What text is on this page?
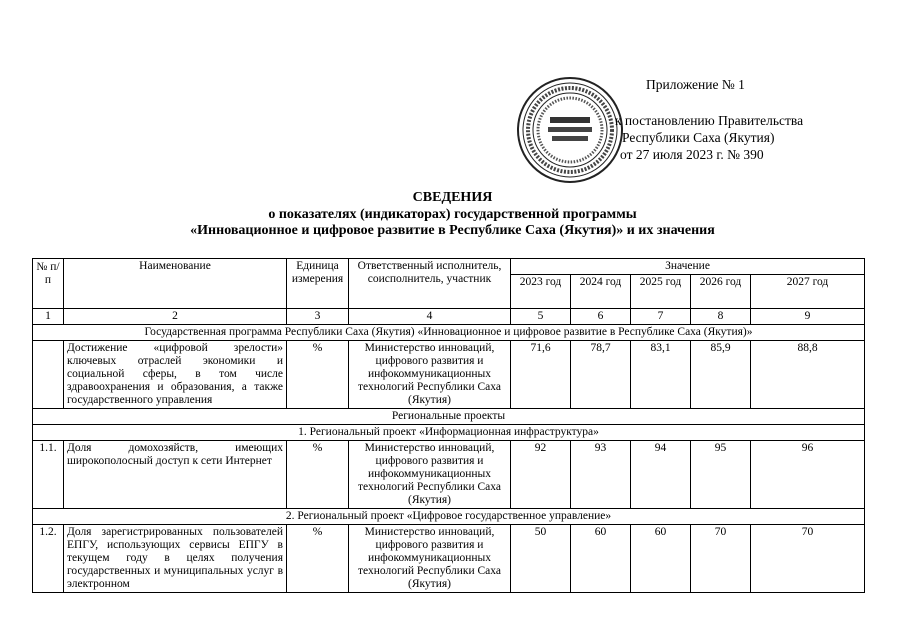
Приложение № 1
к постановлению Правительства
Республики Саха (Якутия)
от 27 июля 2023 г. № 390
СВЕДЕНИЯ
о показателях (индикаторах) государственной программы
«Инновационное и цифровое развитие в Республике Саха (Якутия)» и их значения
№ п/п	Наименование	Единица измерения	Ответственный исполнитель, соисполнитель, участник	Значение				
				2023 год	2024 год	2025 год	2026 год	2027 год
1	2	3	4	5	6	7	8	9
Государственная программа Республики Саха (Якутия) «Инновационное и цифровое развитие в Республике Саха (Якутия)»								
	Достижение «цифровой зрелости» ключевых отраслей экономики и социальной сферы, в том числе здравоохранения и образования, а также государственного управления	%	Министерство инноваций, цифрового развития и инфокоммуникационных технологий Республики Саха (Якутия)	71,6	78,7	83,1	85,9	88,8
Региональные проекты								
1. Региональный проект «Информационная инфраструктура»								
1.1.	Доля домохозяйств, имеющих широкополосный доступ к сети Интернет	%	Министерство инноваций, цифрового развития и инфокоммуникационных технологий Республики Саха (Якутия)	92	93	94	95	96
2. Региональный проект «Цифровое государственное управление»								
1.2.	Доля зарегистрированных пользователей ЕПГУ, использующих сервисы ЕПГУ в текущем году в целях получения государственных и муниципальных услуг в электронном	%	Министерство инноваций, цифрового развития и инфокоммуникационных технологий Республики Саха (Якутия)	50	60	60	70	70
